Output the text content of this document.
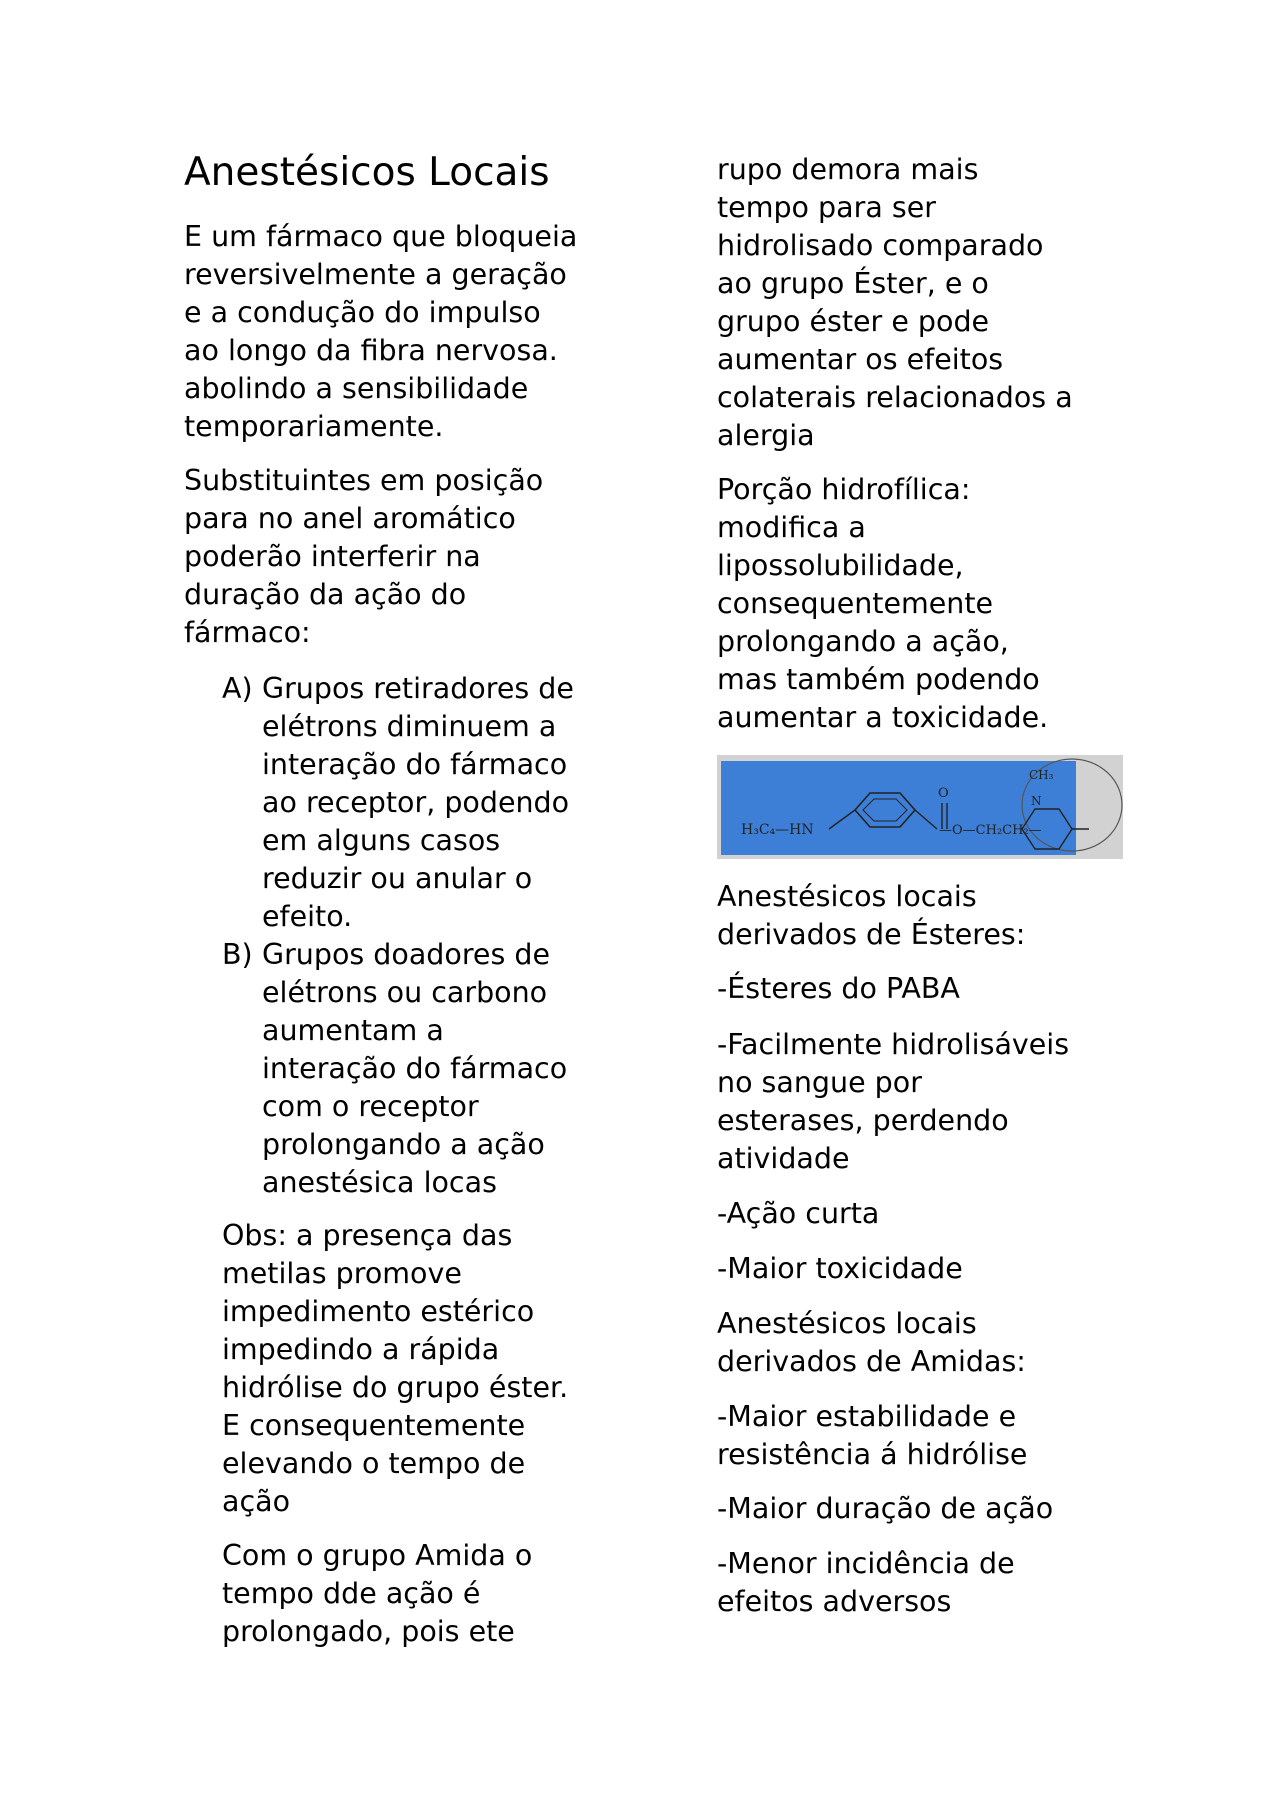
Anestésicos Locais
E um fármaco que bloqueia
reversivelmente a geração
e a condução do impulso
ao longo da fibra nervosa.
abolindo a sensibilidade
temporariamente.
Substituintes em posição
para no anel aromático
poderão interferir na
duração da ação do
fármaco:
A) Grupos retiradores de
elétrons diminuem a
interação do fármaco
ao receptor, podendo
em alguns casos
reduzir ou anular o
efeito.
B) Grupos doadores de
elétrons ou carbono
aumentam a
interação do fármaco
com o receptor
prolongando a ação
anestésica locas
Obs: a presença das
metilas promove
impedimento estérico
impedindo a rápida
hidrólise do grupo éster.
E consequentemente
elevando o tempo de
ação
Com o grupo Amida o
tempo dde ação é
prolongado, pois ete
rupo demora mais
tempo para ser
hidrolisado comparado
ao grupo Éster, e o
grupo éster e pode
aumentar os efeitos
colaterais relacionados a
alergia
Porção hidrofílica:
modifica a
lipossolubilidade,
consequentemente
prolongando a ação,
mas também podendo
aumentar a toxicidade.
H₃C₄—HN
O
—O—CH₂CH₂—
CH₃
N
Anestésicos locais
derivados de Ésteres:
-Ésteres do PABA
-Facilmente hidrolisáveis
no sangue por
esterases, perdendo
atividade
-Ação curta
-Maior toxicidade
Anestésicos locais
derivados de Amidas:
-Maior estabilidade e
resistência á hidrólise
-Maior duração de ação
-Menor incidência de
efeitos adversos
